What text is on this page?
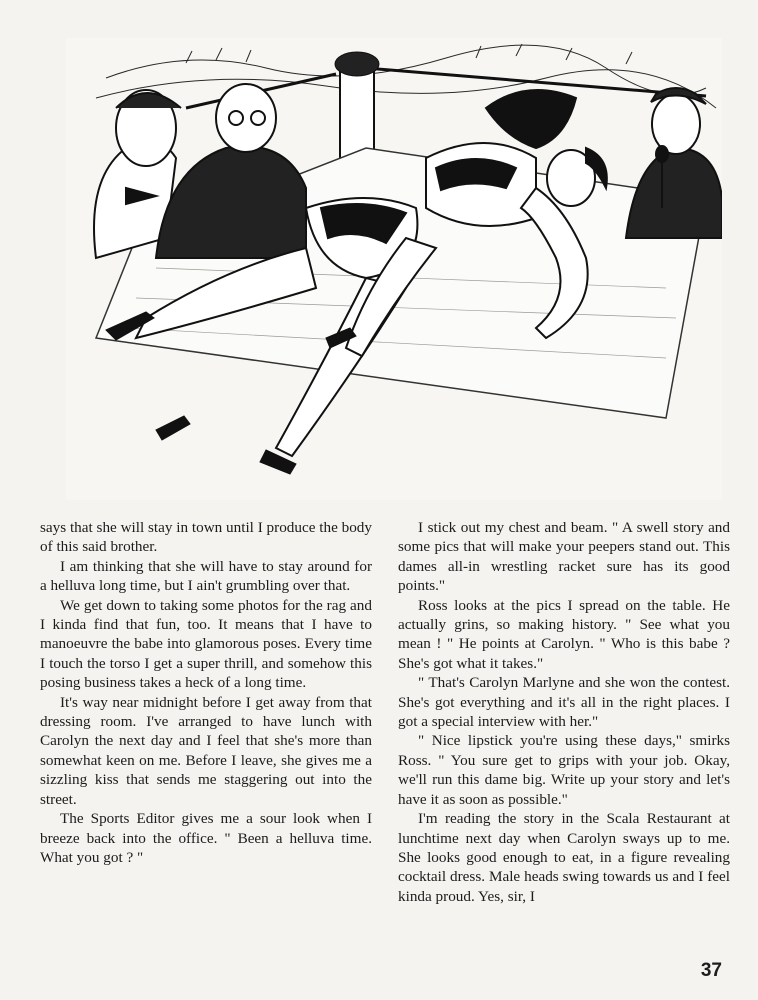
says that she will stay in town until I produce the body of this said brother.

I am thinking that she will have to stay around for a helluva long time, but I ain't grumbling over that.

We get down to taking some photos for the rag and I kinda find that fun, too. It means that I have to manoeuvre the babe into glamorous poses. Every time I touch the torso I get a super thrill, and somehow this posing business takes a heck of a long time.

It's way near midnight before I get away from that dressing room. I've arranged to have lunch with Carolyn the next day and I feel that she's more than somewhat keen on me. Before I leave, she gives me a sizzling kiss that sends me staggering out into the street.

The Sports Editor gives me a sour look when I breeze back into the office. " Been a helluva time. What you got ? "

I stick out my chest and beam. " A swell story and some pics that will make your peepers stand out. This dames all-in wrestling racket sure has its good points."

Ross looks at the pics I spread on the table. He actually grins, so making history. " See what you mean ! " He points at Carolyn. " Who is this babe ? She's got what it takes."

" That's Carolyn Marlyne and she won the contest. She's got everything and it's all in the right places. I got a special interview with her."

" Nice lipstick you're using these days," smirks Ross. " You sure get to grips with your job. Okay, we'll run this dame big. Write up your story and let's have it as soon as possible."

I'm reading the story in the Scala Restaurant at lunchtime next day when Carolyn sways up to me. She looks good enough to eat, in a figure revealing cocktail dress. Male heads swing towards us and I feel kinda proud. Yes, sir, I

37
